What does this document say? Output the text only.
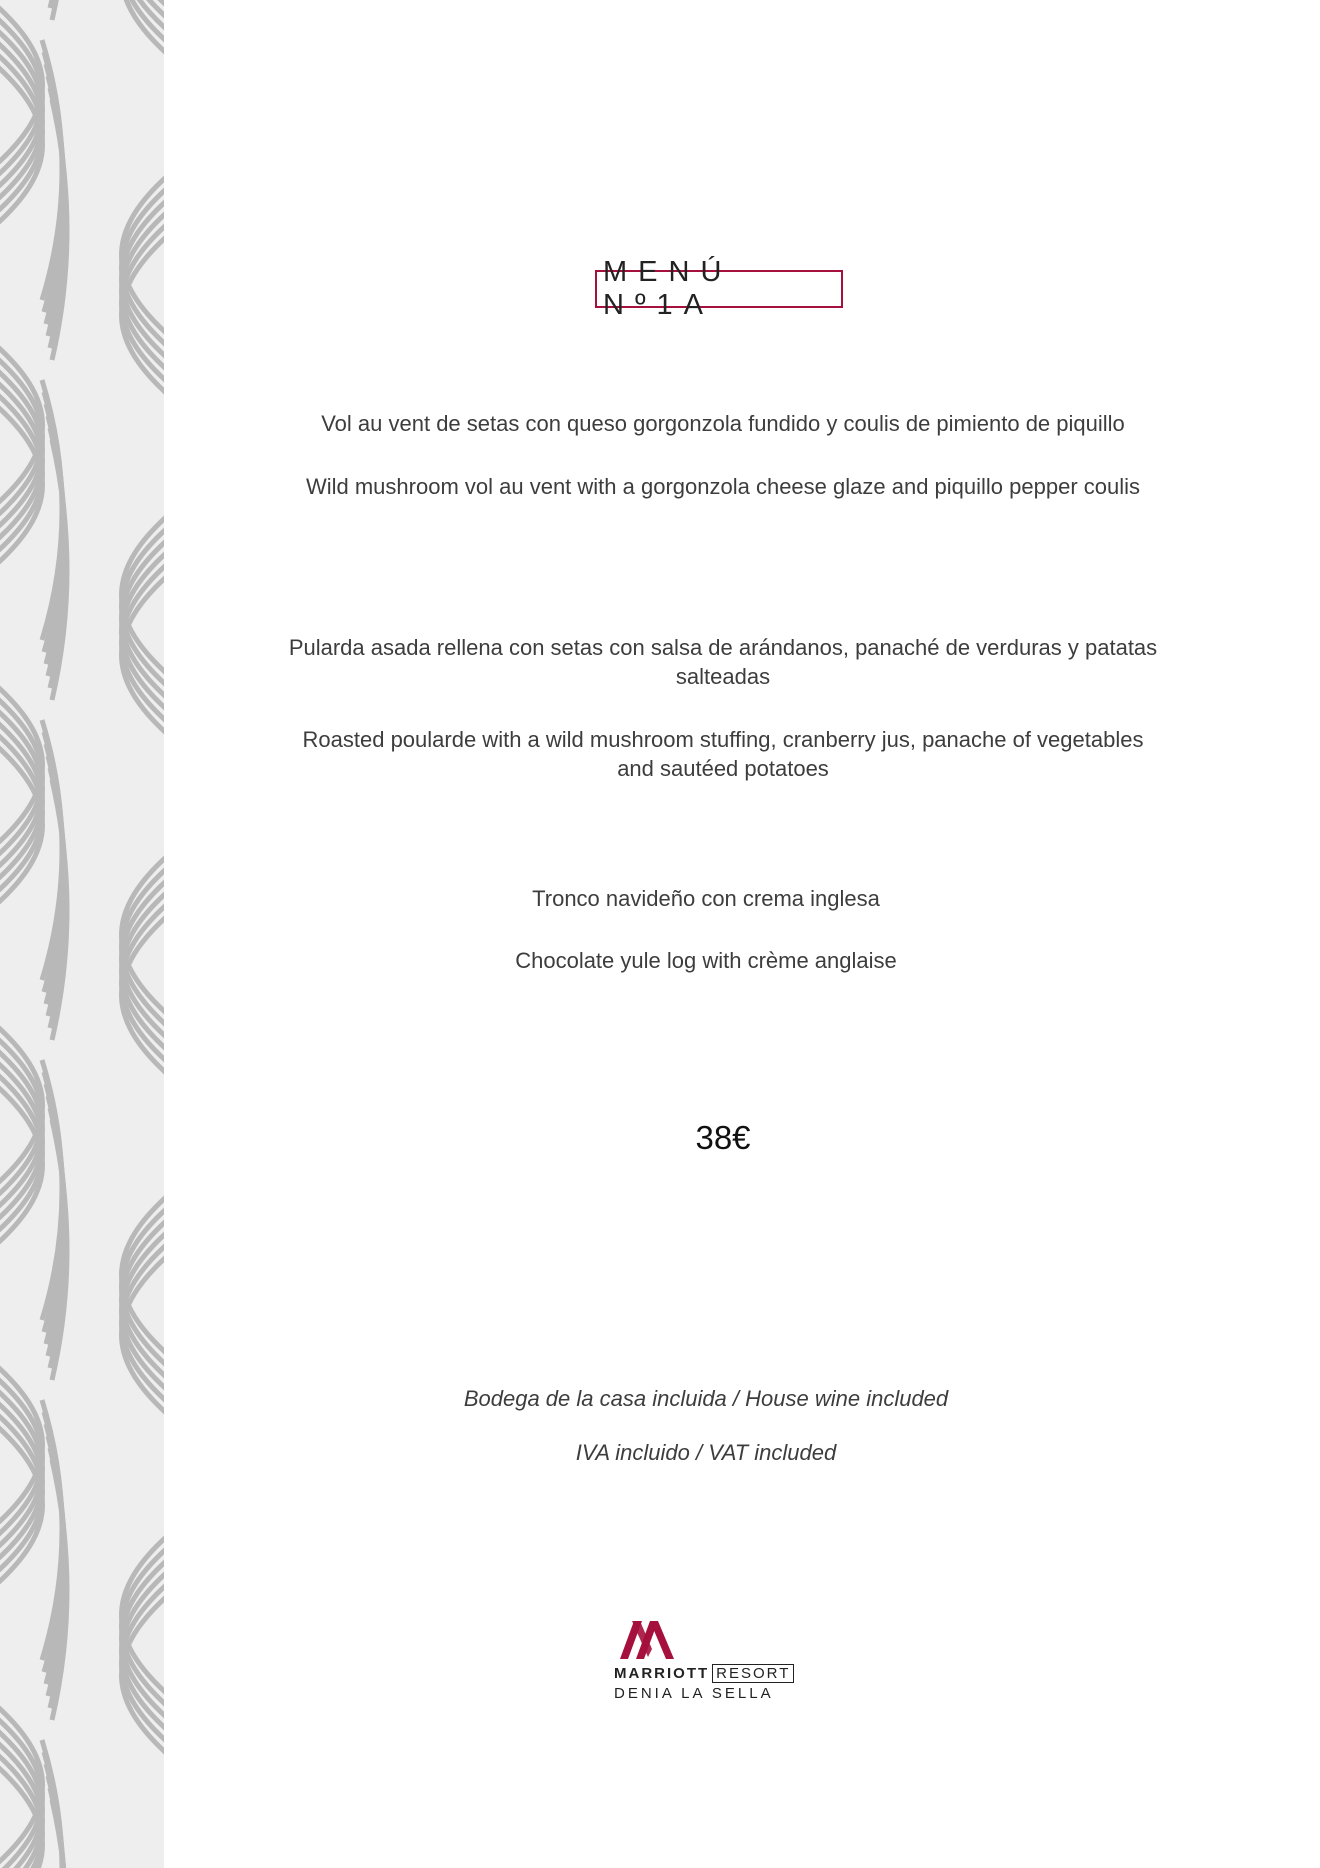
MENÚ Nº1A
Vol au vent de setas con queso gorgonzola fundido y coulis de pimiento de piquillo
Wild mushroom vol au vent with a gorgonzola cheese glaze and piquillo pepper coulis
Pularda asada rellena con setas con salsa de arándanos, panaché de verduras y patatas
salteadas
Roasted poularde with a wild mushroom stuffing, cranberry jus, panache of vegetables
and sautéed potatoes
Tronco navideño con crema inglesa
Chocolate yule log with crème anglaise
38€
Bodega de la casa incluida / House wine included
IVA incluido / VAT included
MARRIOTT RESORT
DENIA LA SELLA
